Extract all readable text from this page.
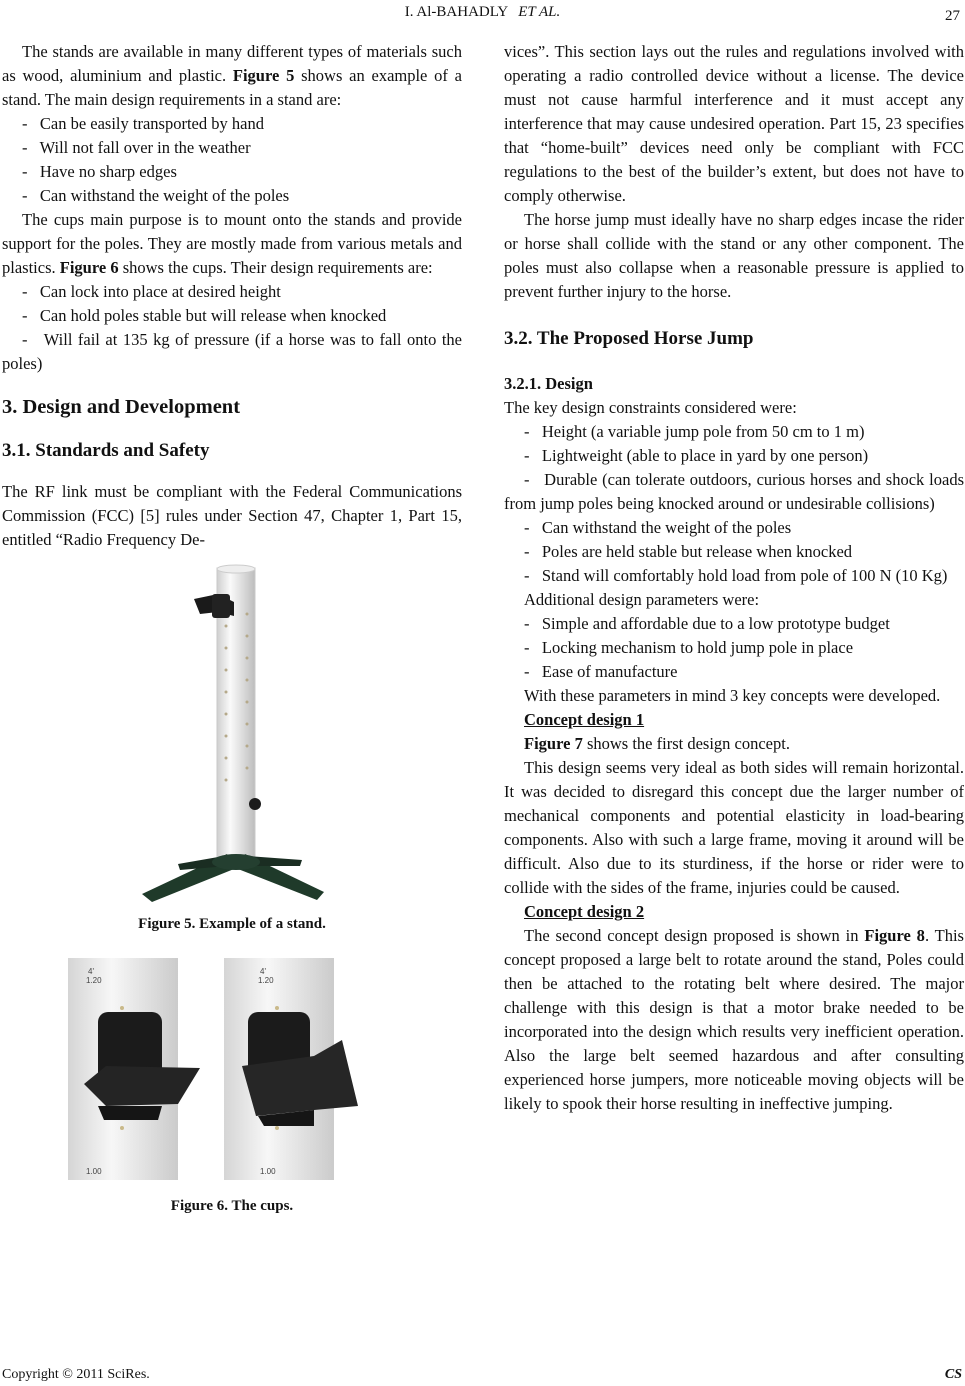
I. Al-BAHADLY ET AL.	27

The stands are available in many different types of materials such as wood, aluminium and plastic. Figure 5 shows an example of a stand. The main design requirements in a stand are:

- Can be easily transported by hand

- Will not fall over in the weather

- Have no sharp edges

- Can withstand the weight of the poles

The cups main purpose is to mount onto the stands and provide support for the poles. They are mostly made from various metals and plastics. Figure 6 shows the cups. Their design requirements are:

- Can lock into place at desired height

- Can hold poles stable but will release when knocked

- Will fail at 135 kg of pressure (if a horse was to fall onto the poles)

3. Design and Development
3.1. Standards and Safety

The RF link must be compliant with the Federal Communications Commission (FCC) [5] rules under Section 47, Chapter 1, Part 15, entitled “Radio Frequency De-

Figure 5. Example of a stand.
4'
1.20
4'
1.20
1.00	1.00
Figure 6. The cups.

vices”. This section lays out the rules and regulations involved with operating a radio controlled device without a license. The device must not cause harmful interference and it must accept any interference that may cause undesired operation. Part 15, 23 specifies that “home-built” devices need only be compliant with FCC regulations to the best of the builder’s extent, but does not have to comply otherwise.

The horse jump must ideally have no sharp edges incase the rider or horse shall collide with the stand or any other component. The poles must also collapse when a reasonable pressure is applied to prevent further injury to the horse.

3.2. The Proposed Horse Jump
3.2.1. Design

The key design constraints considered were:

- Height (a variable jump pole from 50 cm to 1 m)

- Lightweight (able to place in yard by one person)

- Durable (can tolerate outdoors, curious horses and shock loads from jump poles being knocked around or undesirable collisions)

- Can withstand the weight of the poles

- Poles are held stable but release when knocked

- Stand will comfortably hold load from pole of 100 N (10 Kg)

Additional design parameters were:

- Simple and affordable due to a low prototype budget

- Locking mechanism to hold jump pole in place

- Ease of manufacture

With these parameters in mind 3 key concepts were developed.

Concept design 1

Figure 7 shows the first design concept.

This design seems very ideal as both sides will remain horizontal. It was decided to disregard this concept due the larger number of mechanical components and potential elasticity in load-bearing components. Also with such a large frame, moving it around will be difficult. Also due to its sturdiness, if the horse or rider were to collide with the sides of the frame, injuries could be caused.

Concept design 2

The second concept design proposed is shown in Figure 8. This concept proposed a large belt to rotate around the stand, Poles could then be attached to the rotating belt where desired. The major challenge with this design is that a motor brake needed to be incorporated into the design which results very inefficient operation. Also the large belt seemed hazardous and after consulting experienced horse jumpers, more noticeable moving objects will be likely to spook their horse resulting in ineffective jumping.

Copyright © 2011 SciRes.	CS
